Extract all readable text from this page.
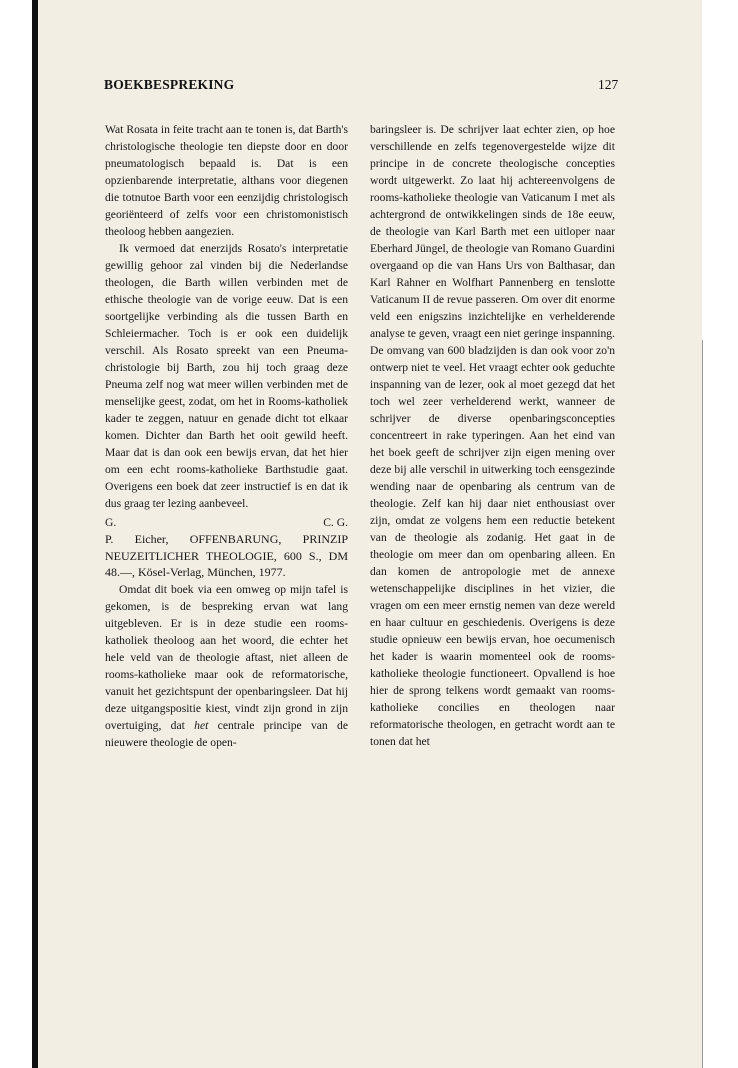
BOEKBESPREKING	127

Wat Rosata in feite tracht aan te tonen is, dat Barth's christologische theologie ten diepste door en door pneumatologisch bepaald is. Dat is een opzienbarende interpretatie, althans voor diegenen die totnutoe Barth voor een eenzijdig christologisch georiënteerd of zelfs voor een christomonistisch theoloog hebben aangezien.

Ik vermoed dat enerzijds Rosato's interpretatie gewillig gehoor zal vinden bij die Nederlandse theologen, die Barth willen verbinden met de ethische theologie van de vorige eeuw. Dat is een soortgelijke verbinding als die tussen Barth en Schleiermacher. Toch is er ook een duidelijk verschil. Als Rosato spreekt van een Pneuma-christologie bij Barth, zou hij toch graag deze Pneuma zelf nog wat meer willen verbinden met de menselijke geest, zodat, om het in Rooms-katholiek kader te zeggen, natuur en genade dicht tot elkaar komen. Dichter dan Barth het ooit gewild heeft. Maar dat is dan ook een bewijs ervan, dat het hier om een echt rooms-katholieke Barthstudie gaat. Overigens een boek dat zeer instructief is en dat ik dus graag ter lezing aanbeveel.

G.	C. G.

P. Eicher, OFFENBARUNG, PRINZIP NEUZEITLICHER THEOLOGIE, 600 S., DM 48.—, Kösel-Verlag, München, 1977.

Omdat dit boek via een omweg op mijn tafel is gekomen, is de bespreking ervan wat lang uitgebleven. Er is in deze studie een rooms-katholiek theoloog aan het woord, die echter het hele veld van de theologie aftast, niet alleen de rooms-katholieke maar ook de reformatorische, vanuit het gezichtspunt der openbaringsleer. Dat hij deze uitgangspositie kiest, vindt zijn grond in zijn overtuiging, dat het centrale principe van de nieuwere theologie de open-

baringsleer is. De schrijver laat echter zien, op hoe verschillende en zelfs tegenovergestelde wijze dit principe in de concrete theologische concepties wordt uitgewerkt. Zo laat hij achtereenvolgens de rooms-katholieke theologie van Vaticanum I met als achtergrond de ontwikkelingen sinds de 18e eeuw, de theologie van Karl Barth met een uitloper naar Eberhard Jüngel, de theologie van Romano Guardini overgaand op die van Hans Urs von Balthasar, dan Karl Rahner en Wolfhart Pannenberg en tenslotte Vaticanum II de revue passeren. Om over dit enorme veld een enigszins inzichtelijke en verhelderende analyse te geven, vraagt een niet geringe inspanning. De omvang van 600 bladzijden is dan ook voor zo'n ontwerp niet te veel. Het vraagt echter ook geduchte inspanning van de lezer, ook al moet gezegd dat het toch wel zeer verhelderend werkt, wanneer de schrijver de diverse openbaringsconcepties concentreert in rake typeringen. Aan het eind van het boek geeft de schrijver zijn eigen mening over deze bij alle verschil in uitwerking toch eensgezinde wending naar de openbaring als centrum van de theologie. Zelf kan hij daar niet enthousiast over zijn, omdat ze volgens hem een reductie betekent van de theologie als zodanig. Het gaat in de theologie om meer dan om openbaring alleen. En dan komen de antropologie met de annexe wetenschappelijke disciplines in het vizier, die vragen om een meer ernstig nemen van deze wereld en haar cultuur en geschiedenis. Overigens is deze studie opnieuw een bewijs ervan, hoe oecumenisch het kader is waarin momenteel ook de rooms-katholieke theologie functioneert. Opvallend is hoe hier de sprong telkens wordt gemaakt van rooms-katholieke concilies en theologen naar reformatorische theologen, en getracht wordt aan te tonen dat het
